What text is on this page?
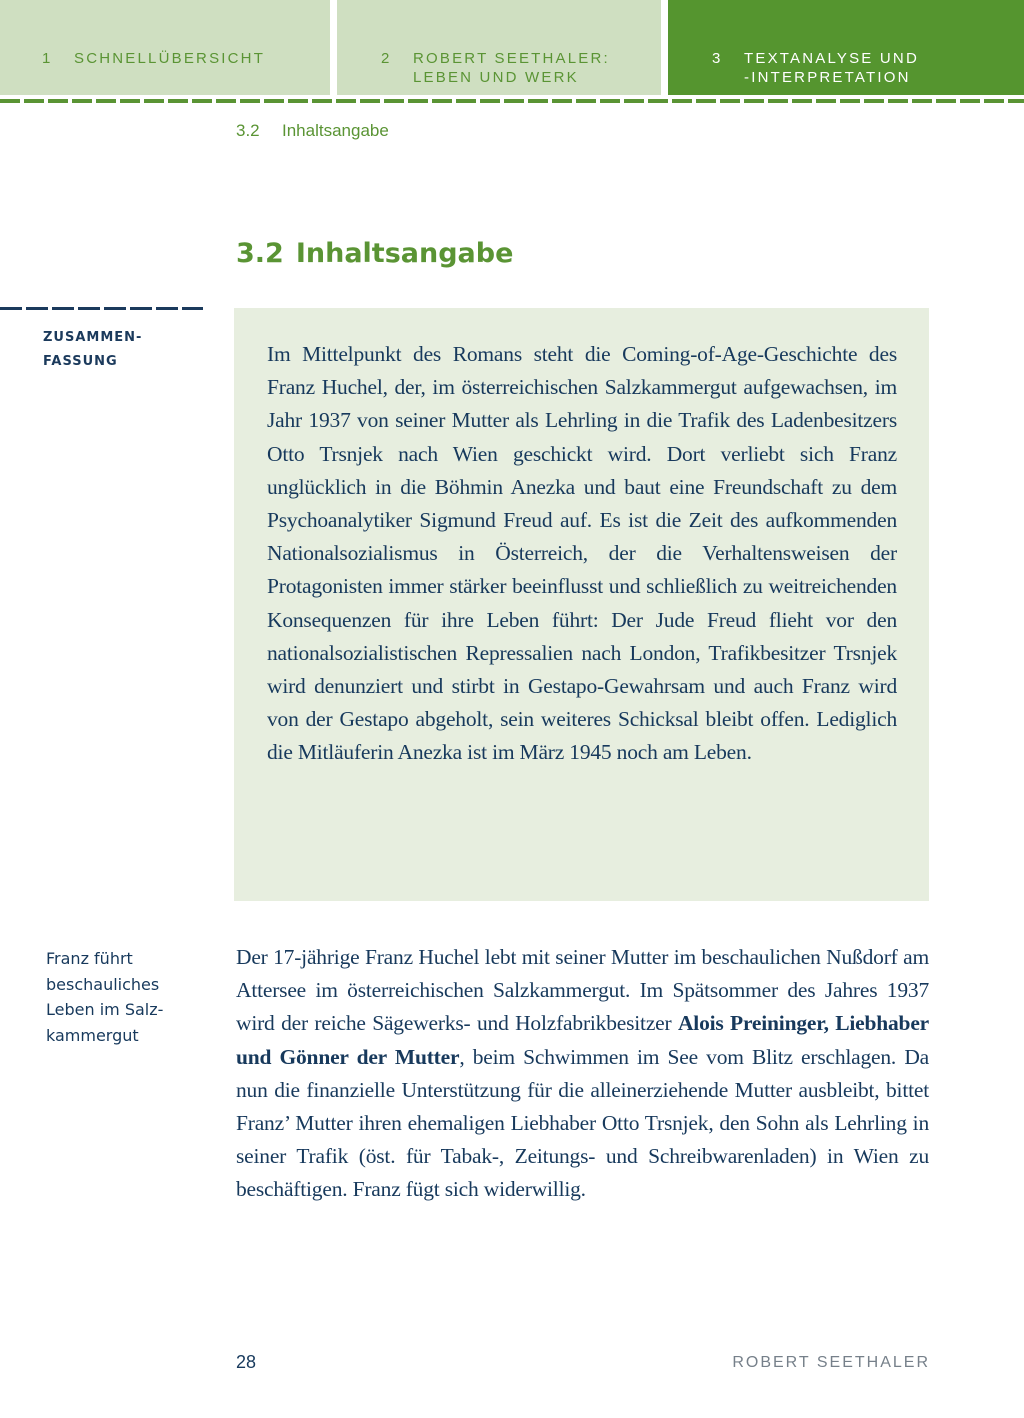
1 SCHNELLÜBERSICHT	2 ROBERT SEETHALER:
LEBEN UND WERK
3 TEXTANALYSE UND
-INTERPRETATION
3.2 Inhaltsangabe
3.2 Inhaltsangabe
ZUSAMMEN-
FASSUNG	Im Mittelpunkt des Romans steht die Coming-of-Age-Geschichte des Franz Huchel, der, im österreichischen Salzkammergut aufgewachsen, im Jahr 1937 von seiner Mutter als Lehrling in die Trafik des Ladenbesitzers Otto Trsnjek nach Wien geschickt wird. Dort verliebt sich Franz unglücklich in die Böhmin Anezka und baut eine Freundschaft zu dem Psychoanalytiker Sigmund Freud auf. Es ist die Zeit des aufkommenden Nationalsozialismus in Österreich, der die Verhaltensweisen der Protagonisten immer stärker beeinflusst und schließlich zu weitreichenden Konsequenzen für ihre Leben führt: Der Jude Freud flieht vor den nationalsozialistischen Repressalien nach London, Trafikbesitzer Trsnjek wird denunziert und stirbt in Gestapo-Gewahrsam und auch Franz wird von der Gestapo abgeholt, sein weiteres Schicksal bleibt offen. Lediglich die Mitläuferin Anezka ist im März 1945 noch am Leben.

Franz führt
beschauliches
Leben im Salz-
kammergut

Der 17-jährige Franz Huchel lebt mit seiner Mutter im beschaulichen Nußdorf am Attersee im österreichischen Salzkammergut. Im Spätsommer des Jahres 1937 wird der reiche Sägewerks- und Holzfabrikbesitzer Alois Preininger, Liebhaber und Gönner der Mutter, beim Schwimmen im See vom Blitz erschlagen. Da nun die finanzielle Unterstützung für die alleinerziehende Mutter ausbleibt, bittet Franz’ Mutter ihren ehemaligen Liebhaber Otto Trsnjek, den Sohn als Lehrling in seiner Trafik (öst. für Tabak-, Zeitungs- und Schreibwarenladen) in Wien zu beschäftigen. Franz fügt sich widerwillig.

28	ROBERT SEETHALER
